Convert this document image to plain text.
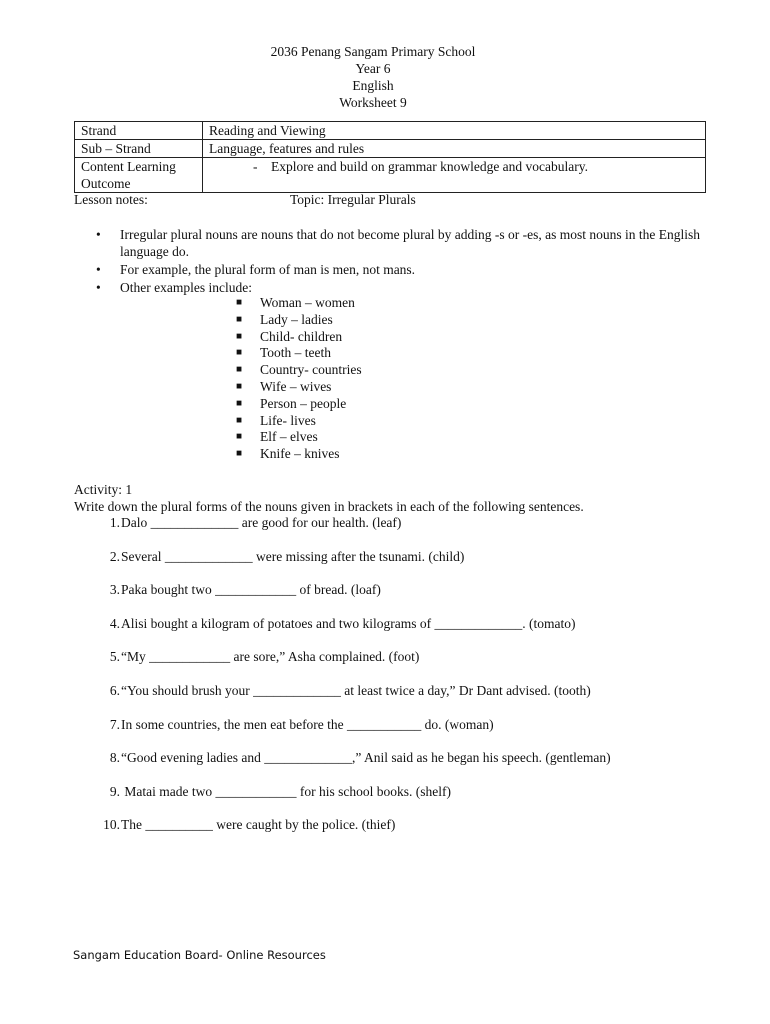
2036 Penang Sangam Primary School
Year 6
English
Worksheet 9
Strand	Reading and Viewing
Sub – Strand	Language, features and rules

Content Learning
Outcome	-    Explore and build on grammar knowledge and vocabulary.
Lesson notes:	Topic: Irregular Plurals
• Irregular plural nouns are nouns that do not become plural by adding -s or -es, as most nouns in the English language do.
• For example, the plural form of man is men, not mans.
• Other examples include:
■ Woman – women
■ Lady – ladies
■ Child- children
■ Tooth – teeth
■ Country- countries
■ Wife – wives
■ Person – people
■ Life- lives
■ Elf – elves
■ Knife – knives
Activity: 1
Write down the plural forms of the nouns given in brackets in each of the following sentences.
1. Dalo _____________ are good for our health. (leaf)
2. Several _____________ were missing after the tsunami. (child)
3. Paka bought two ____________ of bread. (loaf)
4. Alisi bought a kilogram of potatoes and two kilograms of _____________. (tomato)
5. “My ____________ are sore,” Asha complained. (foot)
6. “You should brush your _____________ at least twice a day,” Dr Dant advised. (tooth)
7. In some countries, the men eat before the ___________ do. (woman)
8. “Good evening ladies and _____________,” Anil said as he began his speech. (gentleman)
9. Matai made two ____________ for his school books. (shelf)
10. The __________ were caught by the police. (thief)
Sangam Education Board- Online Resources
